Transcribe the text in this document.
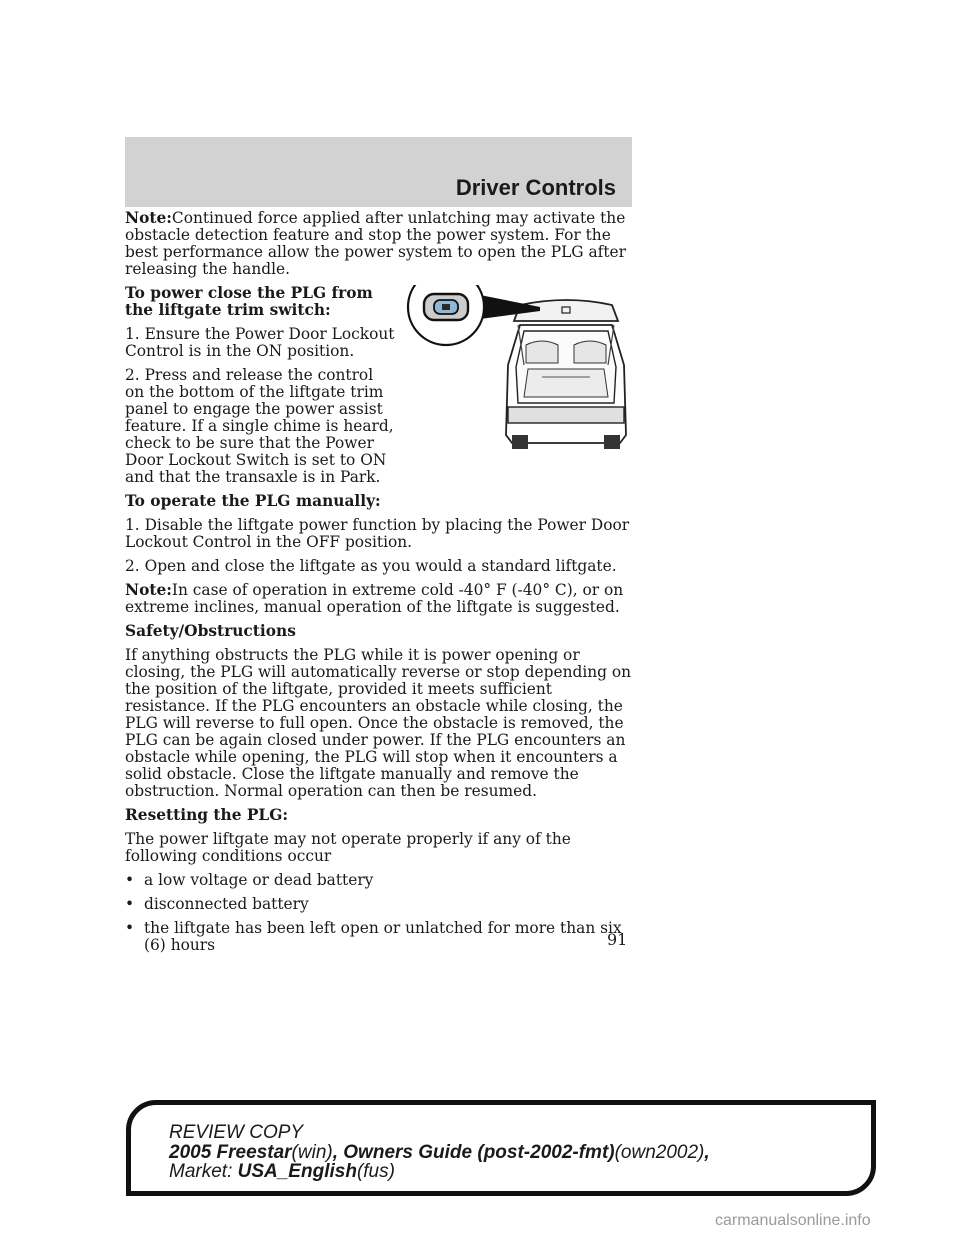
Driver Controls

Note:Continued force applied after unlatching may activate the obstacle detection feature and stop the power system. For the best performance allow the power system to open the PLG after releasing the handle.

To power close the PLG from the liftgate trim switch:

1. Ensure the Power Door Lockout Control is in the ON position.

2. Press and release the control on the bottom of the liftgate trim panel to engage the power assist feature. If a single chime is heard, check to be sure that the Power Door Lockout Switch is set to ON and that the transaxle is in Park.

To operate the PLG manually:

1. Disable the liftgate power function by placing the Power Door Lockout Control in the OFF position.

2. Open and close the liftgate as you would a standard liftgate.

Note:In case of operation in extreme cold -40° F (-40° C), or on extreme inclines, manual operation of the liftgate is suggested.

Safety/Obstructions

If anything obstructs the PLG while it is power opening or closing, the PLG will automatically reverse or stop depending on the position of the liftgate, provided it meets sufficient resistance. If the PLG encounters an obstacle while closing, the PLG will reverse to full open. Once the obstacle is removed, the PLG can be again closed under power. If the PLG encounters an obstacle while opening, the PLG will stop when it encounters a solid obstacle. Close the liftgate manually and remove the obstruction. Normal operation can then be resumed.

Resetting the PLG:

The power liftgate may not operate properly if any of the following conditions occur

• a low voltage or dead battery
• disconnected battery
• the liftgate has been left open or unlatched for more than six (6) hours	91
REVIEW COPY
2005 Freestar(win), Owners Guide (post-2002-fmt)(own2002),
Market: USA_English(fus)
carmanualsonline.info
